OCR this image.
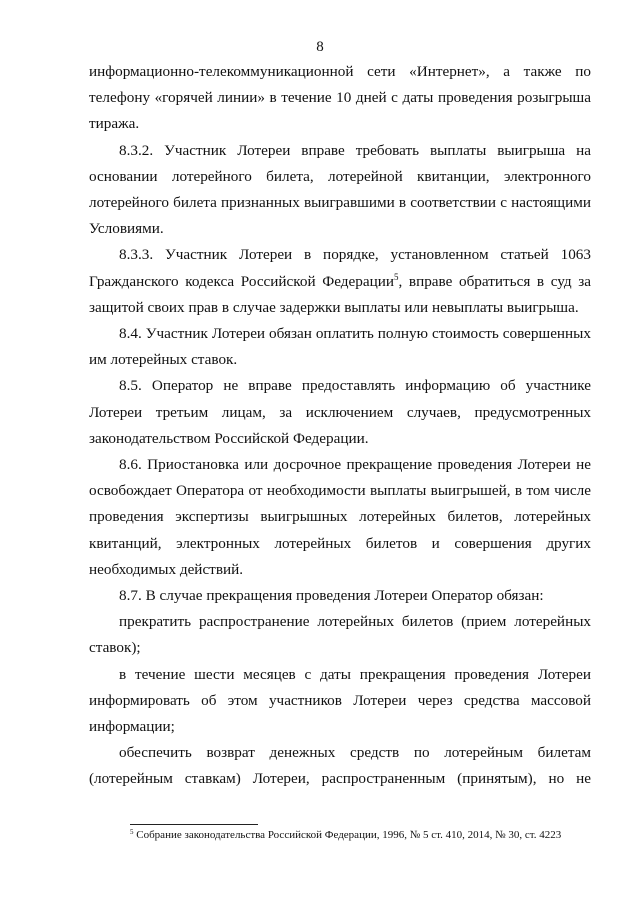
8

информационно-телекоммуникационной сети «Интернет», а также по телефону «горячей линии» в течение 10 дней с даты проведения розыгрыша тиража.

8.3.2. Участник Лотереи вправе требовать выплаты выигрыша на основании лотерейного билета, лотерейной квитанции, электронного лотерейного билета признанных выигравшими в соответствии с настоящими Условиями.

8.3.3. Участник Лотереи в порядке, установленном статьей 1063 Гражданского кодекса Российской Федерации$^5$, вправе обратиться в суд за защитой своих прав в случае задержки выплаты или невыплаты выигрыша.

8.4. Участник Лотереи обязан оплатить полную стоимость совершенных им лотерейных ставок.

8.5. Оператор не вправе предоставлять информацию об участнике Лотереи третьим лицам, за исключением случаев, предусмотренных законодательством Российской Федерации.

8.6. Приостановка или досрочное прекращение проведения Лотереи не освобождает Оператора от необходимости выплаты выигрышей, в том числе проведения экспертизы выигрышных лотерейных билетов, лотерейных квитанций, электронных лотерейных билетов и совершения других необходимых действий.

8.7. В случае прекращения проведения Лотереи Оператор обязан:

прекратить распространение лотерейных билетов (прием лотерейных ставок);

в течение шести месяцев с даты прекращения проведения Лотереи информировать об этом участников Лотереи через средства массовой информации;

обеспечить возврат денежных средств по лотерейным билетам (лотерейным ставкам) Лотереи, распространенным (принятым), но не

$^5$ Собрание законодательства Российской Федерации, 1996, № 5 ст. 410, 2014, № 30, ст. 4223
